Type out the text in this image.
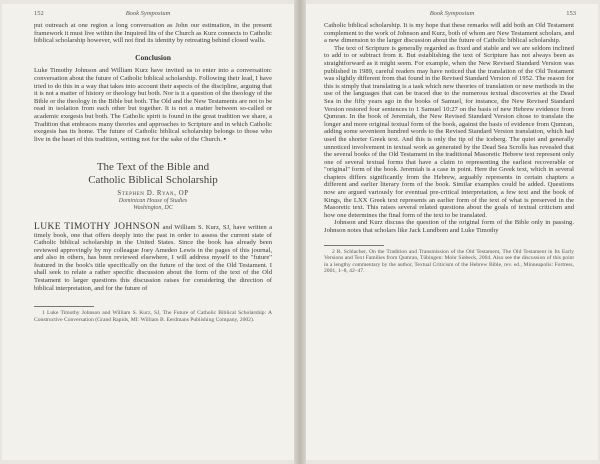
152	Book Symposium

put outreach at one region a long conversation as John our estimation, in the present framework it must live within the Inquired lits of the Church as Kurz connects to Catholic biblical scholarship however, will not find its identity by retreating behind closed walls.

Conclusion

Luke Timothy Johnson and William Kurz have invited us to enter into a conversation: conversation about the future of Catholic biblical scholarship. Following their lead, I have tried to do this in a way that takes into account their aspects of the discipline, arguing that it is not a matter of history or theology but both. Nor is it a question of the theology of the Bible or the theology in the Bible but both. The Old and the New Testaments are not to be read in isolation from each other but together. It is not a matter between so-called or academic exegesis but both. The Catholic spirit is found in the great tradition we share, a Tradition that embraces many theories and approaches to Scripture and in which Catholic exegesis has its home. The future of Catholic biblical scholarship belongs to those who live in the heart of this tradition, writing not for the sake of the Church. ▪

The Text of the Bible and
Catholic Biblical Scholarship
Stephen D. Ryan, OP
Dominican House of Studies
Washington, DC

LUKE TIMOTHY JOHNSON and William S. Kurz, SJ, have written a timely book, one that offers deeply into the past in order to assess the current state of Catholic biblical scholarship in the United States. Since the book has already been reviewed approvingly by my colleague Joey Amedeo Lewis in the pages of this journal, and also in others, has been reviewed elsewhere, I will address myself to the "future" featured in the book's title specifically on the future of the text of the Old Testament. I shall seek to relate a rather specific discussion about the form of the text of the Old Testament to larger questions this discussion raises for considering the direction of biblical interpretation, and for the future of

1 Luke Timothy Johnson and William S. Kurz, SJ, The Future of Catholic Biblical Scholarship: A Constructive Conversation (Grand Rapids, MI: William B. Eerdmans Publishing Company, 2002).

Book Symposium	153

Catholic biblical scholarship. It is my hope that these remarks will add both an Old Testament complement to the work of Johnson and Kurz, both of whom are New Testament scholars, and a new dimension to the larger discussion about the future of Catholic biblical scholarship.

The text of Scripture is generally regarded as fixed and stable and we are seldom inclined to add to or subtract from it. But establishing the text of Scripture has not always been as straightforward as it might seem. For example, when the New Revised Standard Version was published in 1989, careful readers may have noticed that the translation of the Old Testament was slightly different from that found in the Revised Standard Version of 1952. The reason for this is simply that translating is a task which new theories of translation or new methods in the use of the languages that can be traced due to the numerous textual discoveries at the Dead Sea in the fifty years ago in the books of Samuel, for instance, the New Revised Standard Version restored four sentences to 1 Samuel 10:27 on the basis of new Hebrew evidence from Qumran. In the book of Jeremiah, the New Revised Standard Version chose to translate the longer and more original textual form of the book, against the basis of evidence from Qumran, adding some seventeen hundred words to the Revised Standard Version translation, which had used the shorter Greek text. And this is only the tip of the iceberg. The quiet and generally unnoticed involvement in textual work as generated by the Dead Sea Scrolls has revealed that the several books of the Old Testament in the traditional Masoretic Hebrew text represent only one of several textual forms that have a claim to representing the earliest recoverable or "original" form of the book. Jeremiah is a case in point. Here the Greek text, which in several chapters differs significantly from the Hebrew, arguably represents in certain chapters a different and earlier literary form of the book. Similar examples could be added. Questions now are argued variously for eventual pre-critical interpretation, a few text and the book of Kings, the LXX Greek text represents an earlier form of the text of what is preserved in the Masoretic text. This raises several related questions about the goals of textual criticism and how one determines the final form of the text to be translated.

Johnson and Kurz discuss the question of the original form of the Bible only in passing. Johnson notes that scholars like Jack Lundbom and Luke Timothy

2 R. Schlacher, On the Tradition and Transmission of the Old Testament, The Old Testament in Its Early Versions and Text Families from Qumran, Tübingen: Mohr Siebeck, 2004. Also see the discussion of this point in a lengthy commentary by the author, Textual Criticism of the Hebrew Bible, rev. ed., Minneapolis: Fortress, 2001, 1–8, 42–47.
